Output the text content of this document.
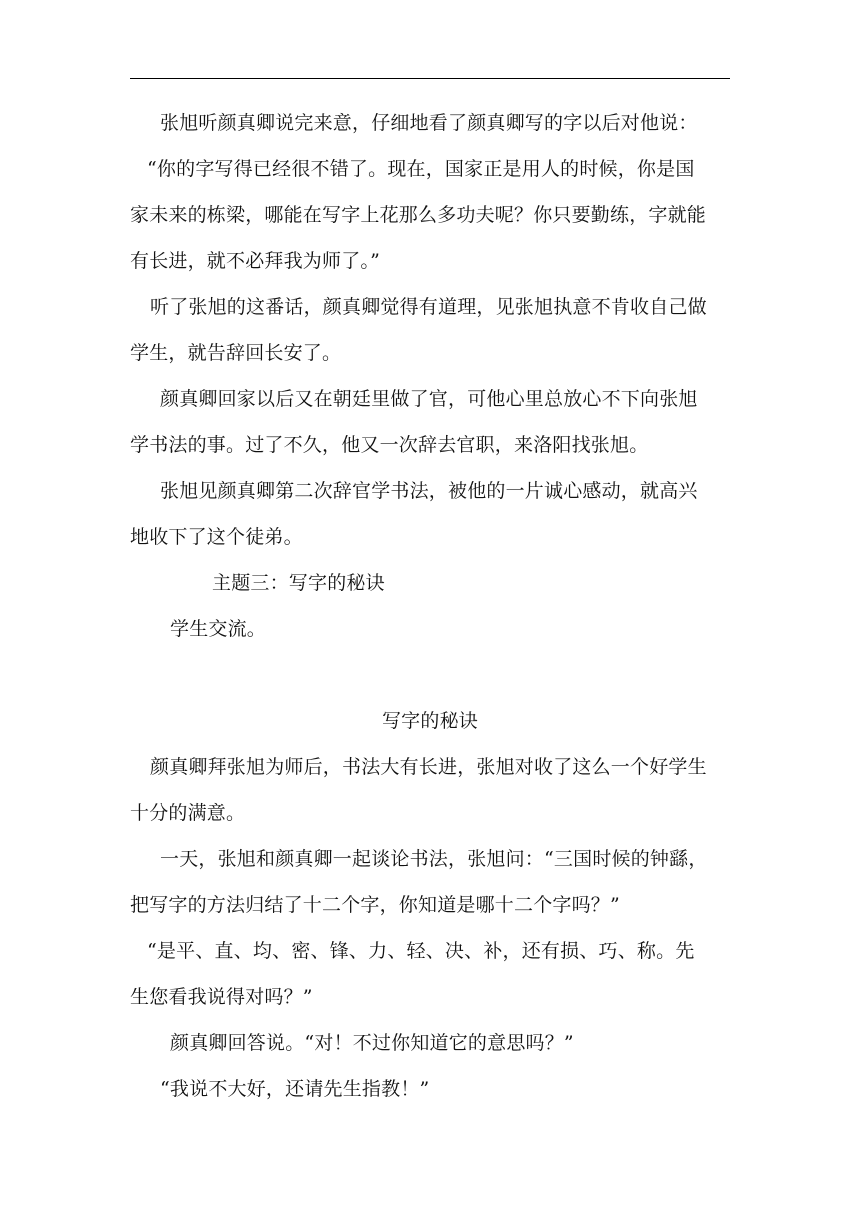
张旭听颜真卿说完来意，仔细地看了颜真卿写的字以后对他说：
“你的字写得已经很不错了。现在，国家正是用人的时候，你是国
家未来的栋梁，哪能在写字上花那么多功夫呢？你只要勤练，字就能
有长进，就不必拜我为师了。”
听了张旭的这番话，颜真卿觉得有道理，见张旭执意不肯收自己做
学生，就告辞回长安了。
颜真卿回家以后又在朝廷里做了官，可他心里总放心不下向张旭
学书法的事。过了不久，他又一次辞去官职，来洛阳找张旭。
张旭见颜真卿第二次辞官学书法，被他的一片诚心感动，就高兴
地收下了这个徒弟。
主题三：写字的秘诀
学生交流。
写字的秘诀
颜真卿拜张旭为师后，书法大有长进，张旭对收了这么一个好学生
十分的满意。
一天，张旭和颜真卿一起谈论书法，张旭问：“三国时候的钟繇，
把写字的方法归结了十二个字，你知道是哪十二个字吗？”
“是平、直、均、密、锋、力、轻、决、补，还有损、巧、称。先
生您看我说得对吗？”
颜真卿回答说。“对！不过你知道它的意思吗？”
“我说不大好，还请先生指教！”
